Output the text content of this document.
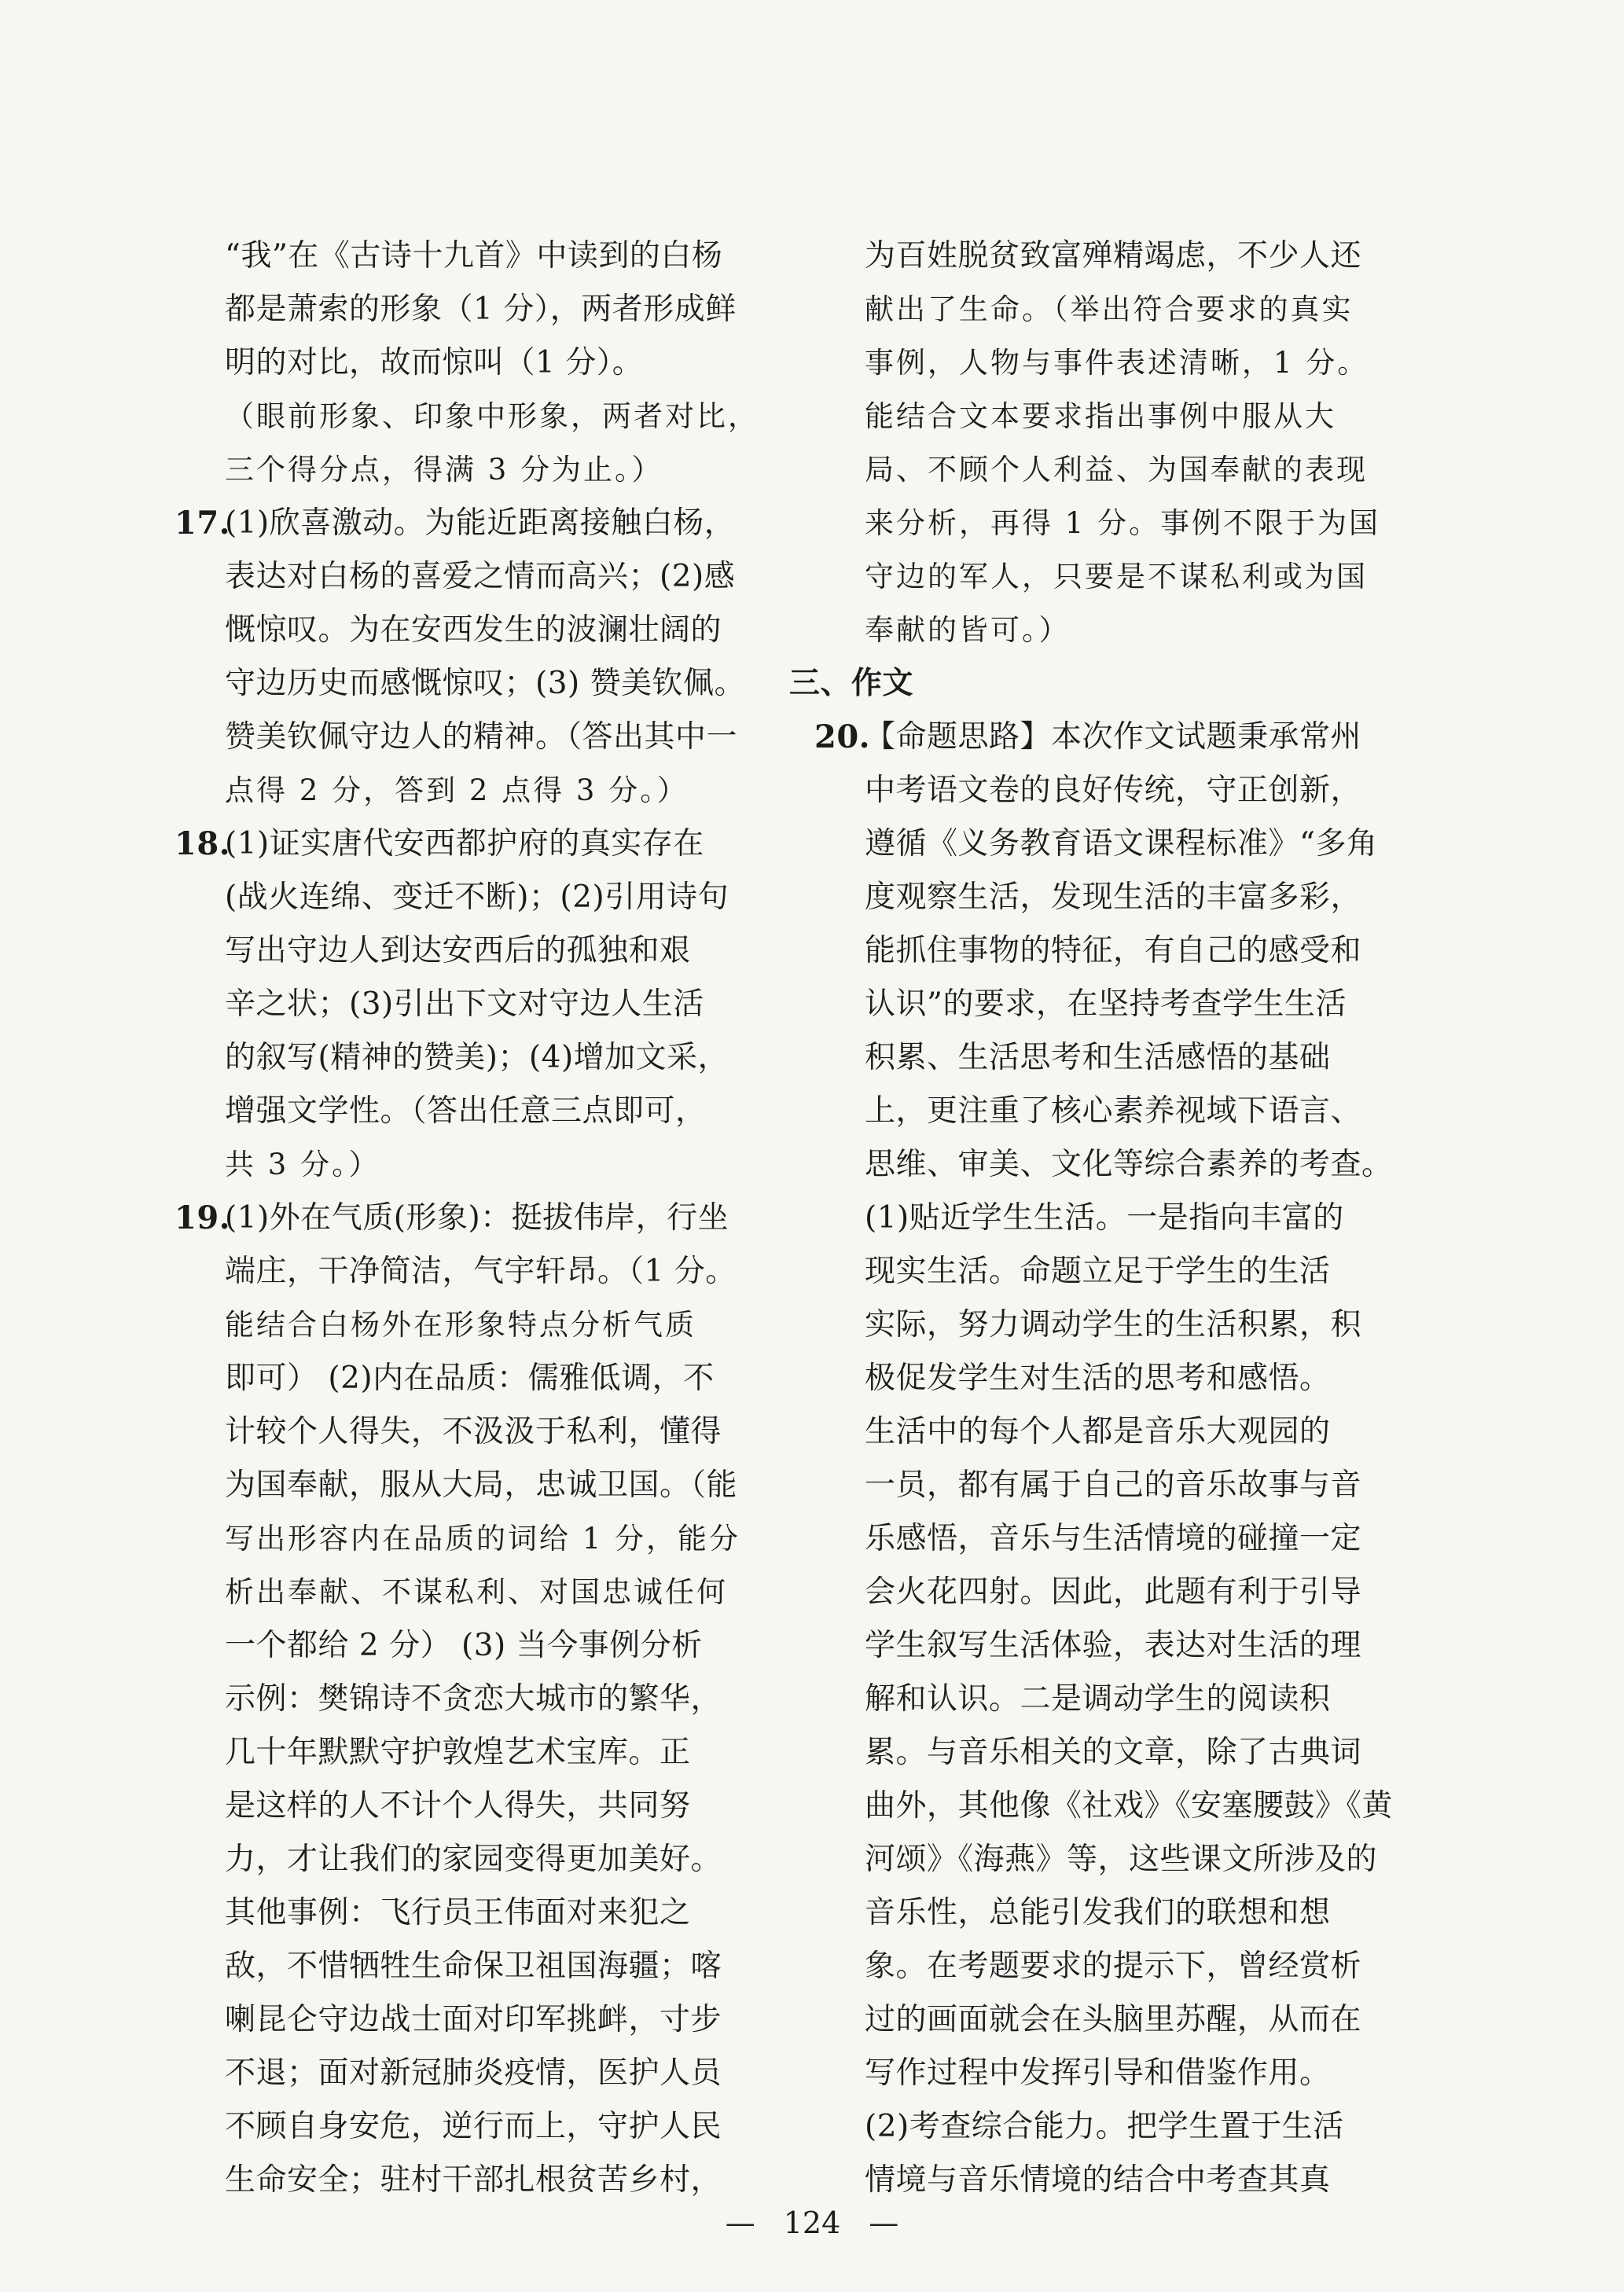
“我”在《古诗十九首》中读到的白杨
都是萧索的形象（1 分），两者形成鲜
明的对比，故而惊叫（1 分）。
（眼前形象、印象中形象，两者对比，
三个得分点，得满 3 分为止。）
17.
(1)欣喜激动。为能近距离接触白杨，
表达对白杨的喜爱之情而高兴；(2)感
慨惊叹。为在安西发生的波澜壮阔的
守边历史而感慨惊叹；(3) 赞美钦佩。
赞美钦佩守边人的精神。（答出其中一
点得 2 分，答到 2 点得 3 分。）
18.
(1)证实唐代安西都护府的真实存在
(战火连绵、变迁不断)；(2)引用诗句
写出守边人到达安西后的孤独和艰
辛之状；(3)引出下文对守边人生活
的叙写(精神的赞美)；(4)增加文采，
增强文学性。（答出任意三点即可，
共 3 分。）
19.
(1)外在气质(形象)：挺拔伟岸，行坐
端庄，干净简洁，气宇轩昂。（1 分。
能结合白杨外在形象特点分析气质
即可） (2)内在品质：儒雅低调，不
计较个人得失，不汲汲于私利，懂得
为国奉献，服从大局，忠诚卫国。（能
写出形容内在品质的词给 1 分，能分
析出奉献、不谋私利、对国忠诚任何
一个都给 2 分） (3) 当今事例分析
示例：樊锦诗不贪恋大城市的繁华，
几十年默默守护敦煌艺术宝库。正
是这样的人不计个人得失，共同努
力，才让我们的家园变得更加美好。
其他事例：飞行员王伟面对来犯之
敌，不惜牺牲生命保卫祖国海疆；喀
喇昆仑守边战士面对印军挑衅，寸步
不退；面对新冠肺炎疫情，医护人员
不顾自身安危，逆行而上，守护人民
生命安全；驻村干部扎根贫苦乡村，
为百姓脱贫致富殚精竭虑，不少人还
献出了生命。（举出符合要求的真实
事例，人物与事件表述清晰，1 分。
能结合文本要求指出事例中服从大
局、不顾个人利益、为国奉献的表现
来分析，再得 1 分。事例不限于为国
守边的军人，只要是不谋私利或为国
奉献的皆可。）
三、作文
20.
【命题思路】本次作文试题秉承常州
中考语文卷的良好传统，守正创新，
遵循《义务教育语文课程标准》“多角
度观察生活，发现生活的丰富多彩，
能抓住事物的特征，有自己的感受和
认识”的要求，在坚持考查学生生活
积累、生活思考和生活感悟的基础
上，更注重了核心素养视域下语言、
思维、审美、文化等综合素养的考查。
(1)贴近学生生活。一是指向丰富的
现实生活。命题立足于学生的生活
实际，努力调动学生的生活积累，积
极促发学生对生活的思考和感悟。
生活中的每个人都是音乐大观园的
一员，都有属于自己的音乐故事与音
乐感悟，音乐与生活情境的碰撞一定
会火花四射。因此，此题有利于引导
学生叙写生活体验，表达对生活的理
解和认识。二是调动学生的阅读积
累。与音乐相关的文章，除了古典词
曲外，其他像《社戏》《安塞腰鼓》《黄
河颂》《海燕》等，这些课文所涉及的
音乐性，总能引发我们的联想和想
象。在考题要求的提示下，曾经赏析
过的画面就会在头脑里苏醒，从而在
写作过程中发挥引导和借鉴作用。
(2)考查综合能力。把学生置于生活
情境与音乐情境的结合中考查其真
— 124 —
